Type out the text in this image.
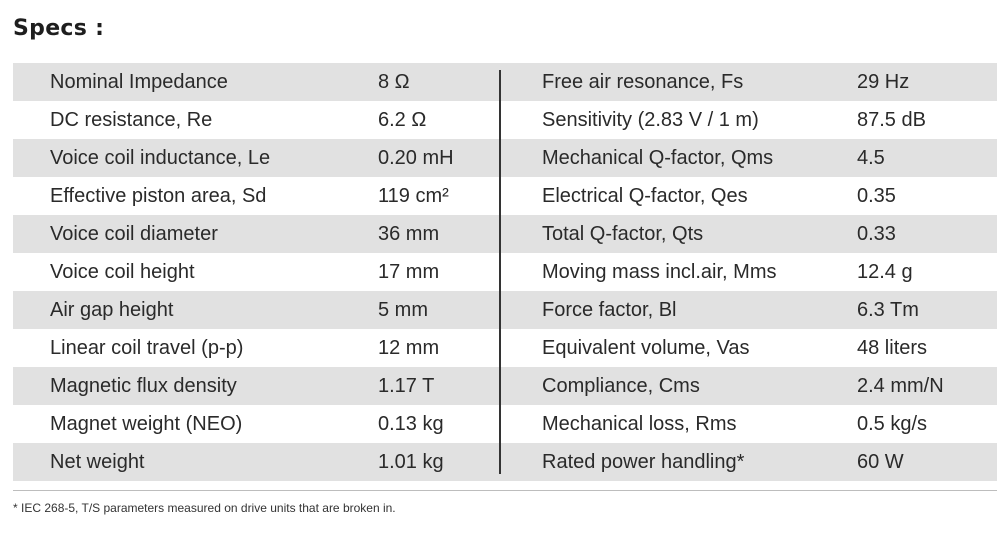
Specs :
Nominal Impedance	8 Ω	Free air resonance, Fs	29 Hz
DC resistance, Re	6.2 Ω	Sensitivity (2.83 V / 1 m)	87.5 dB
Voice coil inductance, Le	0.20 mH	Mechanical Q-factor, Qms	4.5
Effective piston area, Sd	119 cm²	Electrical Q-factor, Qes	0.35
Voice coil diameter	36 mm	Total Q-factor, Qts	0.33
Voice coil height	17 mm	Moving mass incl.air, Mms	12.4 g
Air gap height	5 mm	Force factor, Bl	6.3 Tm
Linear coil travel (p-p)	12 mm	Equivalent volume, Vas	48 liters
Magnetic flux density	1.17 T	Compliance, Cms	2.4 mm/N
Magnet weight (NEO)	0.13 kg	Mechanical loss, Rms	0.5 kg/s
Net weight	1.01 kg	Rated power handling*	60 W
* IEC 268-5, T/S parameters measured on drive units that are broken in.
